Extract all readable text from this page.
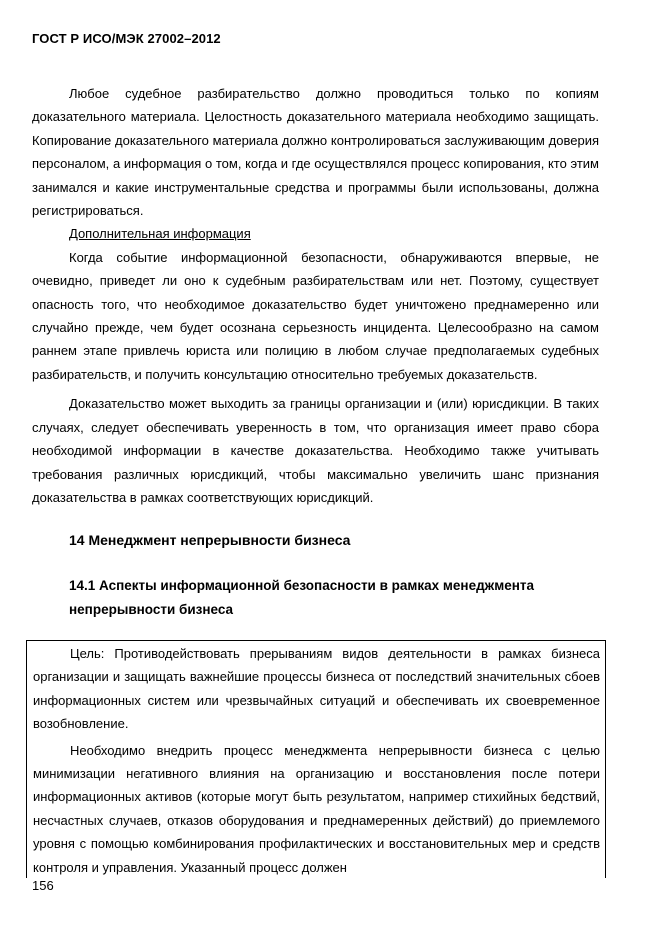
ГОСТ Р ИСО/МЭК 27002–2012

Любое судебное разбирательство должно проводиться только по копиям доказательного материала. Целостность доказательного материала необходимо защищать. Копирование доказательного материала должно контролироваться заслуживающим доверия персоналом, а информация о том, когда и где осуществлялся процесс копирования, кто этим занимался и какие инструментальные средства и программы были использованы, должна регистрироваться.

Дополнительная информация

Когда событие информационной безопасности, обнаруживаются впервые, не очевидно, приведет ли оно к судебным разбирательствам или нет. Поэтому, существует опасность того, что необходимое доказательство будет уничтожено преднамеренно или случайно прежде, чем будет осознана серьезность инцидента. Целесообразно на самом раннем этапе привлечь юриста или полицию в любом случае предполагаемых судебных разбирательств, и получить консультацию относительно требуемых доказательств.

Доказательство может выходить за границы организации и (или) юрисдикции. В таких случаях, следует обеспечивать уверенность в том, что организация имеет право сбора необходимой информации в качестве доказательства. Необходимо также учитывать требования различных юрисдикций, чтобы максимально увеличить шанс признания доказательства в рамках соответствующих юрисдикций.

14 Менеджмент непрерывности бизнеса
14.1 Аспекты информационной безопасности в рамках менеджмента
непрерывности бизнеса

Цель: Противодействовать прерываниям видов деятельности в рамках бизнеса организации и защищать важнейшие процессы бизнеса от последствий значительных сбоев информационных систем или чрезвычайных ситуаций и обеспечивать их своевременное возобновление.

Необходимо внедрить процесс менеджмента непрерывности бизнеса с целью минимизации негативного влияния на организацию и восстановления после потери информационных активов (которые могут быть результатом, например стихийных бедствий, несчастных случаев, отказов оборудования и преднамеренных действий) до приемлемого уровня с помощью комбинирования профилактических и восстановительных мер и средств контроля и управления. Указанный процесс должен

156
